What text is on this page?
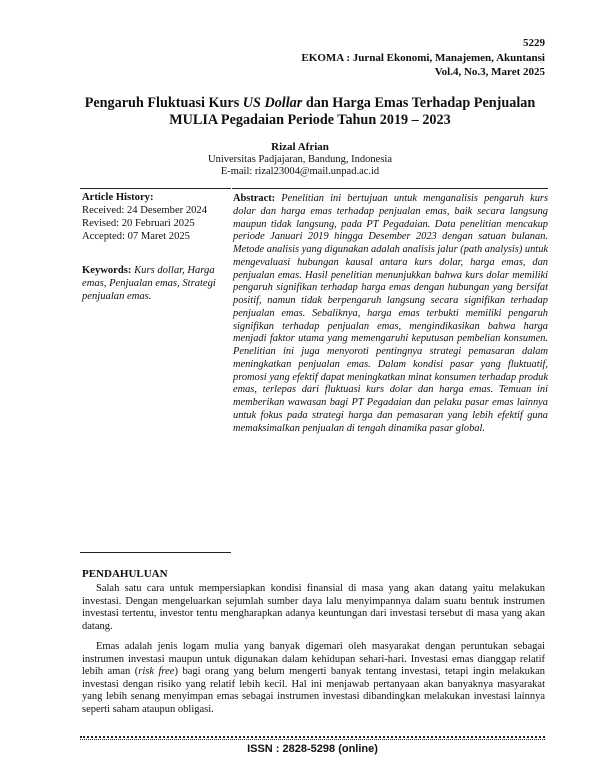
5229
EKOMA : Jurnal Ekonomi, Manajemen, Akuntansi
Vol.4, No.3, Maret 2025
Pengaruh Fluktuasi Kurs US Dollar dan Harga Emas Terhadap Penjualan MULIA Pegadaian Periode Tahun 2019 – 2023
Rizal Afrian
Universitas Padjajaran, Bandung, Indonesia
E-mail: rizal23004@mail.unpad.ac.id
Article History:
Received: 24 Desember 2024
Revised: 20 Februari 2025
Accepted: 07 Maret 2025
Keywords: Kurs dollar, Harga emas, Penjualan emas, Strategi penjualan emas.

Abstract: Penelitian ini bertujuan untuk menganalisis pengaruh kurs dolar dan harga emas terhadap penjualan emas, baik secara langsung maupun tidak langsung, pada PT Pegadaian. Data penelitian mencakup periode Januari 2019 hingga Desember 2023 dengan satuan bulanan. Metode analisis yang digunakan adalah analisis jalur (path analysis) untuk mengevaluasi hubungan kausal antara kurs dolar, harga emas, dan penjualan emas. Hasil penelitian menunjukkan bahwa kurs dolar memiliki pengaruh signifikan terhadap harga emas dengan hubungan yang bersifat positif, namun tidak berpengaruh langsung secara signifikan terhadap penjualan emas. Sebaliknya, harga emas terbukti memiliki pengaruh signifikan terhadap penjualan emas, mengindikasikan bahwa harga menjadi faktor utama yang memengaruhi keputusan pembelian konsumen. Penelitian ini juga menyoroti pentingnya strategi pemasaran dalam meningkatkan penjualan emas. Dalam kondisi pasar yang fluktuatif, promosi yang efektif dapat meningkatkan minat konsumen terhadap produk emas, terlepas dari fluktuasi kurs dolar dan harga emas. Temuan ini memberikan wawasan bagi PT Pegadaian dan pelaku pasar emas lainnya untuk fokus pada strategi harga dan pemasaran yang lebih efektif guna memaksimalkan penjualan di tengah dinamika pasar global.

PENDAHULUAN

Salah satu cara untuk mempersiapkan kondisi finansial di masa yang akan datang yaitu melakukan investasi. Dengan mengeluarkan sejumlah sumber daya lalu menyimpannya dalam suatu bentuk instrumen investasi tertentu, investor tentu mengharapkan adanya keuntungan dari investasi tersebut di masa yang akan datang.

Emas adalah jenis logam mulia yang banyak digemari oleh masyarakat dengan peruntukan sebagai instrumen investasi maupun untuk digunakan dalam kehidupan sehari-hari. Investasi emas dianggap relatif lebih aman (risk free) bagi orang yang belum mengerti banyak tentang investasi, tetapi ingin melakukan investasi dengan risiko yang relatif lebih kecil. Hal ini menjawab pertanyaan akan banyaknya masyarakat yang lebih senang menyimpan emas sebagai instrumen investasi dibandingkan melakukan investasi lainnya seperti saham ataupun obligasi.

ISSN : 2828-5298 (online)
